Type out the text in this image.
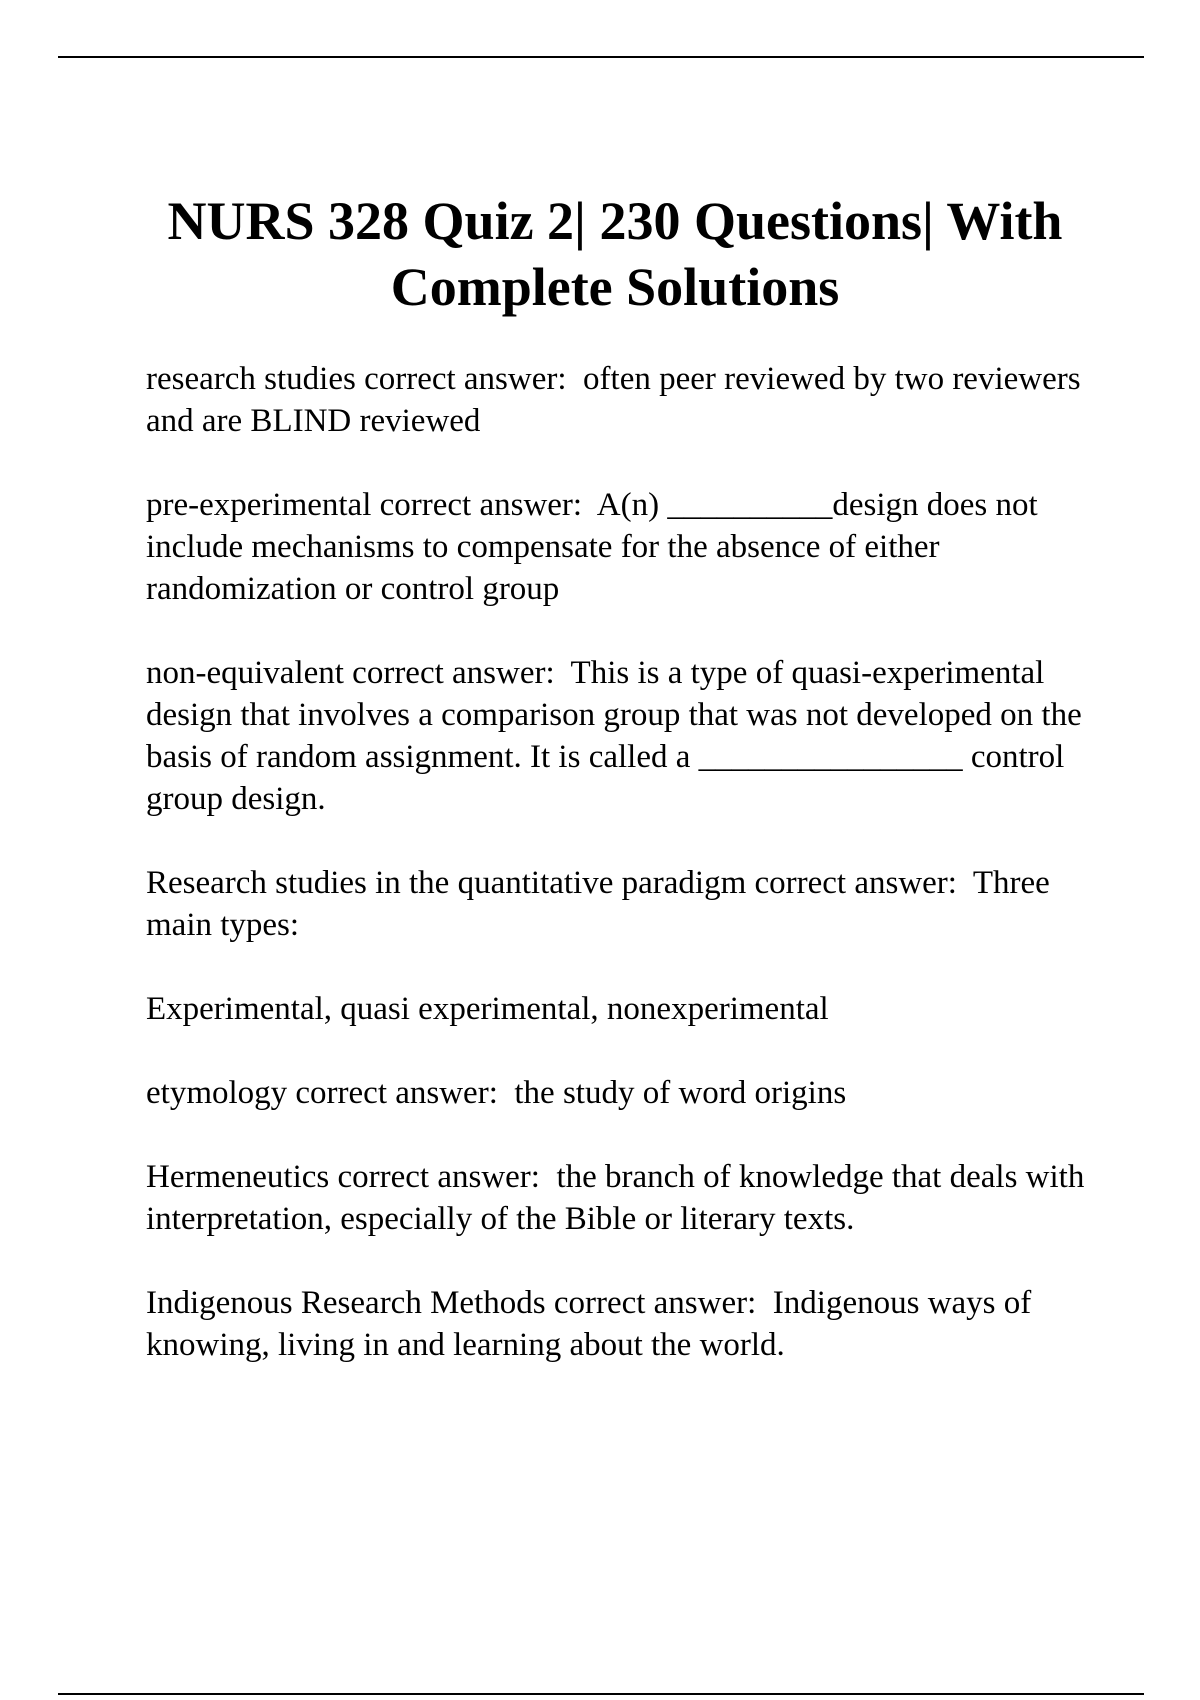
NURS 328 Quiz 2| 230 Questions| With
Complete Solutions

research studies correct answer:  often peer reviewed by two reviewers and are BLIND reviewed

pre-experimental correct answer:  A(n) __________design does not include mechanisms to compensate for the absence of either randomization or control group

non-equivalent correct answer:  This is a type of quasi-experimental design that involves a comparison group that was not developed on the basis of random assignment. It is called a ________________ control group design.

Research studies in the quantitative paradigm correct answer:  Three main types:

Experimental, quasi experimental, nonexperimental

etymology correct answer:  the study of word origins

Hermeneutics correct answer:  the branch of knowledge that deals with interpretation, especially of the Bible or literary texts.

Indigenous Research Methods correct answer:  Indigenous ways of knowing, living in and learning about the world.
